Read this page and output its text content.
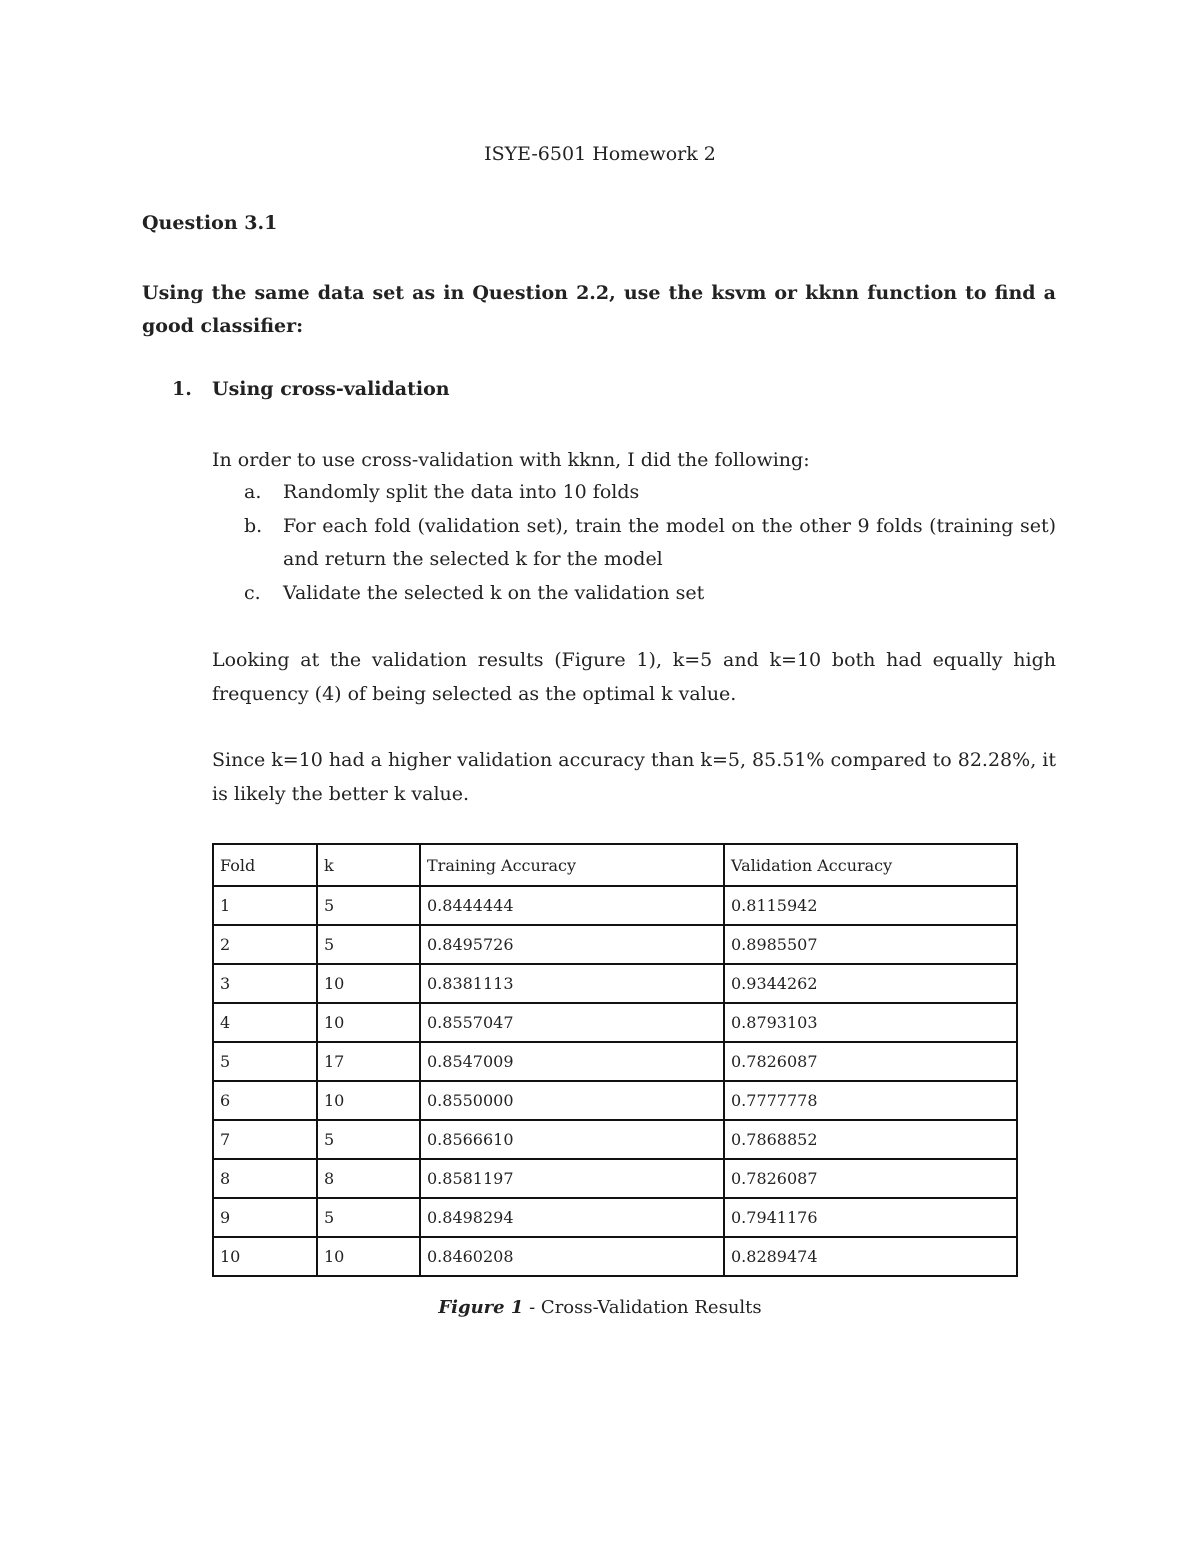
ISYE-6501 Homework 2
Question 3.1

Using the same data set as in Question 2.2, use the ksvm or kknn function to find a good classifier:

1. Using cross-validation

In order to use cross-validation with kknn, I did the following:

a. Randomly split the data into 10 folds
b. For each fold (validation set), train the model on the other 9 folds (training set) and return the selected k for the model
c. Validate the selected k on the validation set

Looking at the validation results (Figure 1), k=5 and k=10 both had equally high frequency (4) of being selected as the optimal k value.

Since k=10 had a higher validation accuracy than k=5, 85.51% compared to 82.28%, it is likely the better k value.

Fold	k	Training Accuracy	Validation Accuracy
1	5	0.8444444	0.8115942
2	5	0.8495726	0.8985507
3	10	0.8381113	0.9344262
4	10	0.8557047	0.8793103
5	17	0.8547009	0.7826087
6	10	0.8550000	0.7777778
7	5	0.8566610	0.7868852
8	8	0.8581197	0.7826087
9	5	0.8498294	0.7941176
10	10	0.8460208	0.8289474

Figure 1 - Cross-Validation Results
